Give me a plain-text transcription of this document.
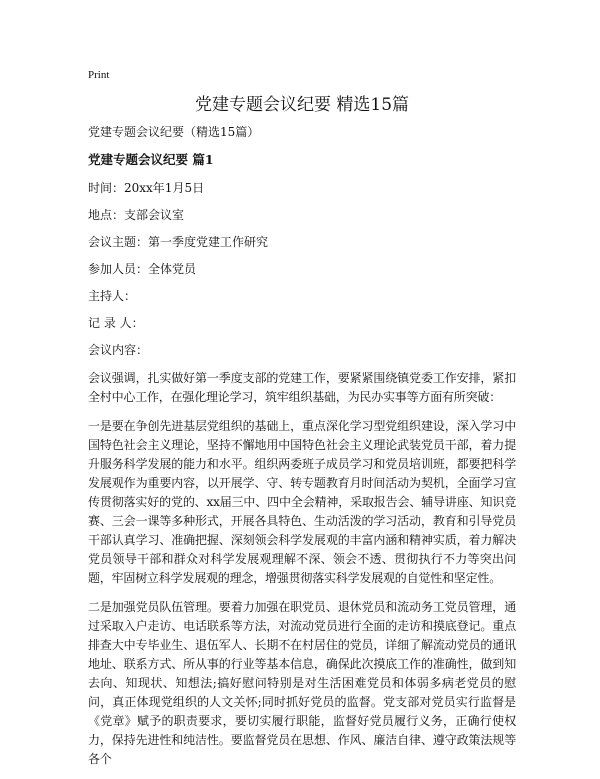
Print
党建专题会议纪要 精选15篇
党建专题会议纪要（精选15篇）
党建专题会议纪要 篇1
时间：20xx年1月5日
地点：支部会议室
会议主题：第一季度党建工作研究
参加人员：全体党员
主持人：
记 录 人：
会议内容：

会议强调，扎实做好第一季度支部的党建工作，要紧紧围绕镇党委工作安排，紧扣全村中心工作，在强化理论学习，筑牢组织基础，为民办实事等方面有所突破：

一是要在争创先进基层党组织的基础上，重点深化学习型党组织建设，深入学习中国特色社会主义理论，坚持不懈地用中国特色社会主义理论武装党员干部，着力提升服务科学发展的能力和水平。组织两委班子成员学习和党员培训班，都要把科学发展观作为重要内容，以开展学、守、转专题教育月时间活动为契机，全面学习宣传贯彻落实好的党的、xx届三中、四中全会精神，采取报告会、辅导讲座、知识竞赛、三会一课等多种形式，开展各具特色、生动活泼的学习活动，教育和引导党员干部认真学习、准确把握、深刻领会科学发展观的丰富内涵和精神实质，着力解决党员领导干部和群众对科学发展观理解不深、领会不透、贯彻执行不力等突出问题，牢固树立科学发展观的理念，增强贯彻落实科学发展观的自觉性和坚定性。

二是加强党员队伍管理。要着力加强在职党员、退休党员和流动务工党员管理，通过采取入户走访、电话联系等方法，对流动党员进行全面的走访和摸底登记。重点排查大中专毕业生、退伍军人、长期不在村居住的党员，详细了解流动党员的通讯地址、联系方式、所从事的行业等基本信息，确保此次摸底工作的准确性，做到知去向、知现状、知想法;搞好慰问特别是对生活困难党员和体弱多病老党员的慰问，真正体现党组织的人文关怀;同时抓好党员的监督。党支部对党员实行监督是《党章》赋予的职责要求，要切实履行职能，监督好党员履行义务，正确行使权力，保持先进性和纯洁性。要监督党员在思想、作风、廉洁自律、遵守政策法规等各个
